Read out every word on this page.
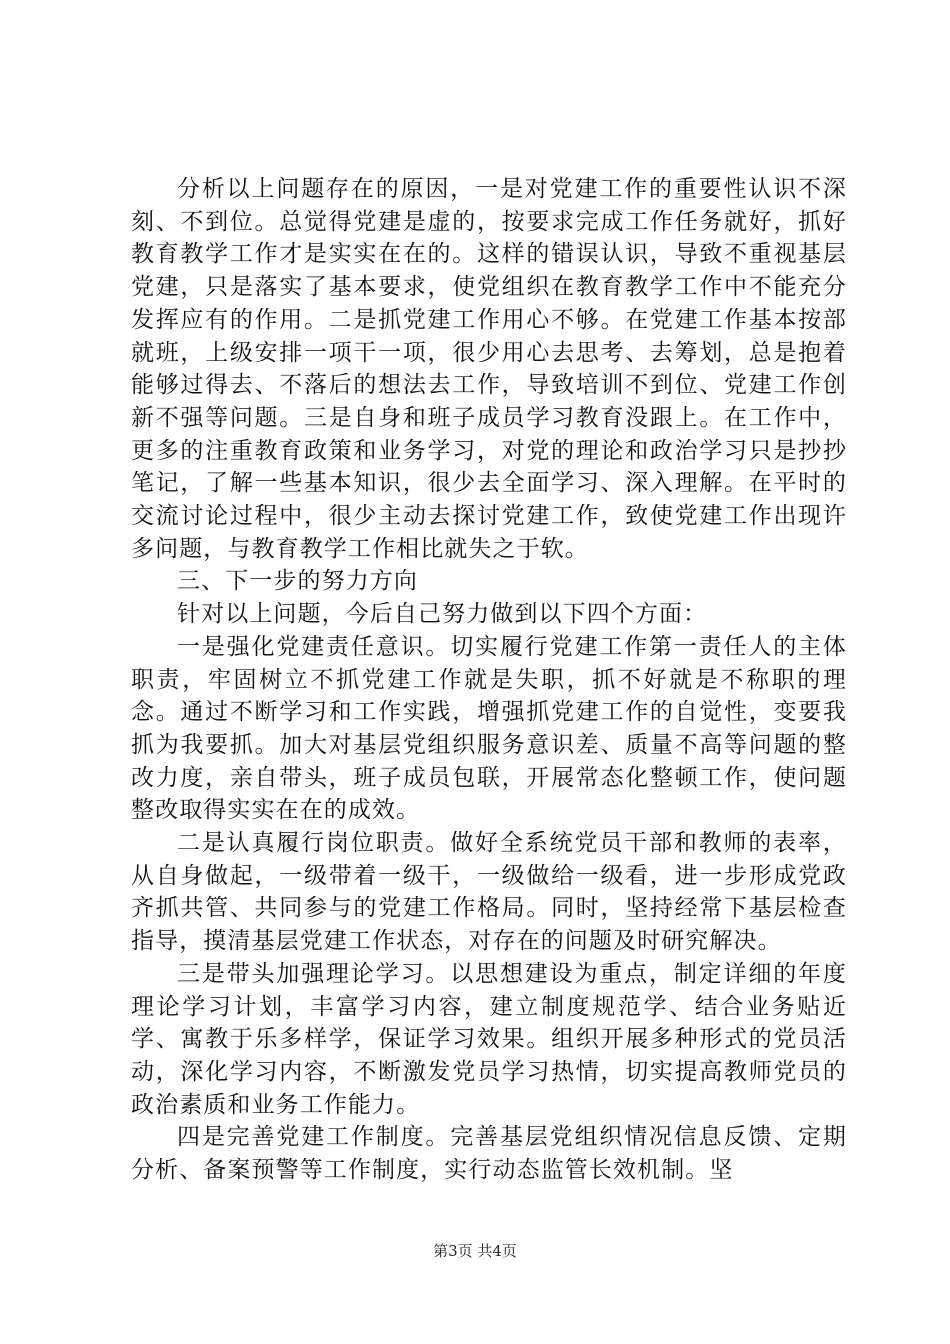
分析以上问题存在的原因，一是对党建工作的重要性认识不深刻、不到位。总觉得党建是虚的，按要求完成工作任务就好，抓好教育教学工作才是实实在在的。这样的错误认识，导致不重视基层党建，只是落实了基本要求，使党组织在教育教学工作中不能充分发挥应有的作用。二是抓党建工作用心不够。在党建工作基本按部就班，上级安排一项干一项，很少用心去思考、去筹划，总是抱着能够过得去、不落后的想法去工作，导致培训不到位、党建工作创新不强等问题。三是自身和班子成员学习教育没跟上。在工作中，更多的注重教育政策和业务学习，对党的理论和政治学习只是抄抄笔记，了解一些基本知识，很少去全面学习、深入理解。在平时的交流讨论过程中，很少主动去探讨党建工作，致使党建工作出现许多问题，与教育教学工作相比就失之于软。

三、下一步的努力方向

针对以上问题，今后自己努力做到以下四个方面：

一是强化党建责任意识。切实履行党建工作第一责任人的主体职责，牢固树立不抓党建工作就是失职，抓不好就是不称职的理念。通过不断学习和工作实践，增强抓党建工作的自觉性，变要我抓为我要抓。加大对基层党组织服务意识差、质量不高等问题的整改力度，亲自带头，班子成员包联，开展常态化整顿工作，使问题整改取得实实在在的成效。

二是认真履行岗位职责。做好全系统党员干部和教师的表率，从自身做起，一级带着一级干，一级做给一级看，进一步形成党政齐抓共管、共同参与的党建工作格局。同时，坚持经常下基层检查指导，摸清基层党建工作状态，对存在的问题及时研究解决。

三是带头加强理论学习。以思想建设为重点，制定详细的年度理论学习计划，丰富学习内容，建立制度规范学、结合业务贴近学、寓教于乐多样学，保证学习效果。组织开展多种形式的党员活动，深化学习内容，不断激发党员学习热情，切实提高教师党员的政治素质和业务工作能力。

四是完善党建工作制度。完善基层党组织情况信息反馈、定期分析、备案预警等工作制度，实行动态监管长效机制。坚

第3页 共4页
